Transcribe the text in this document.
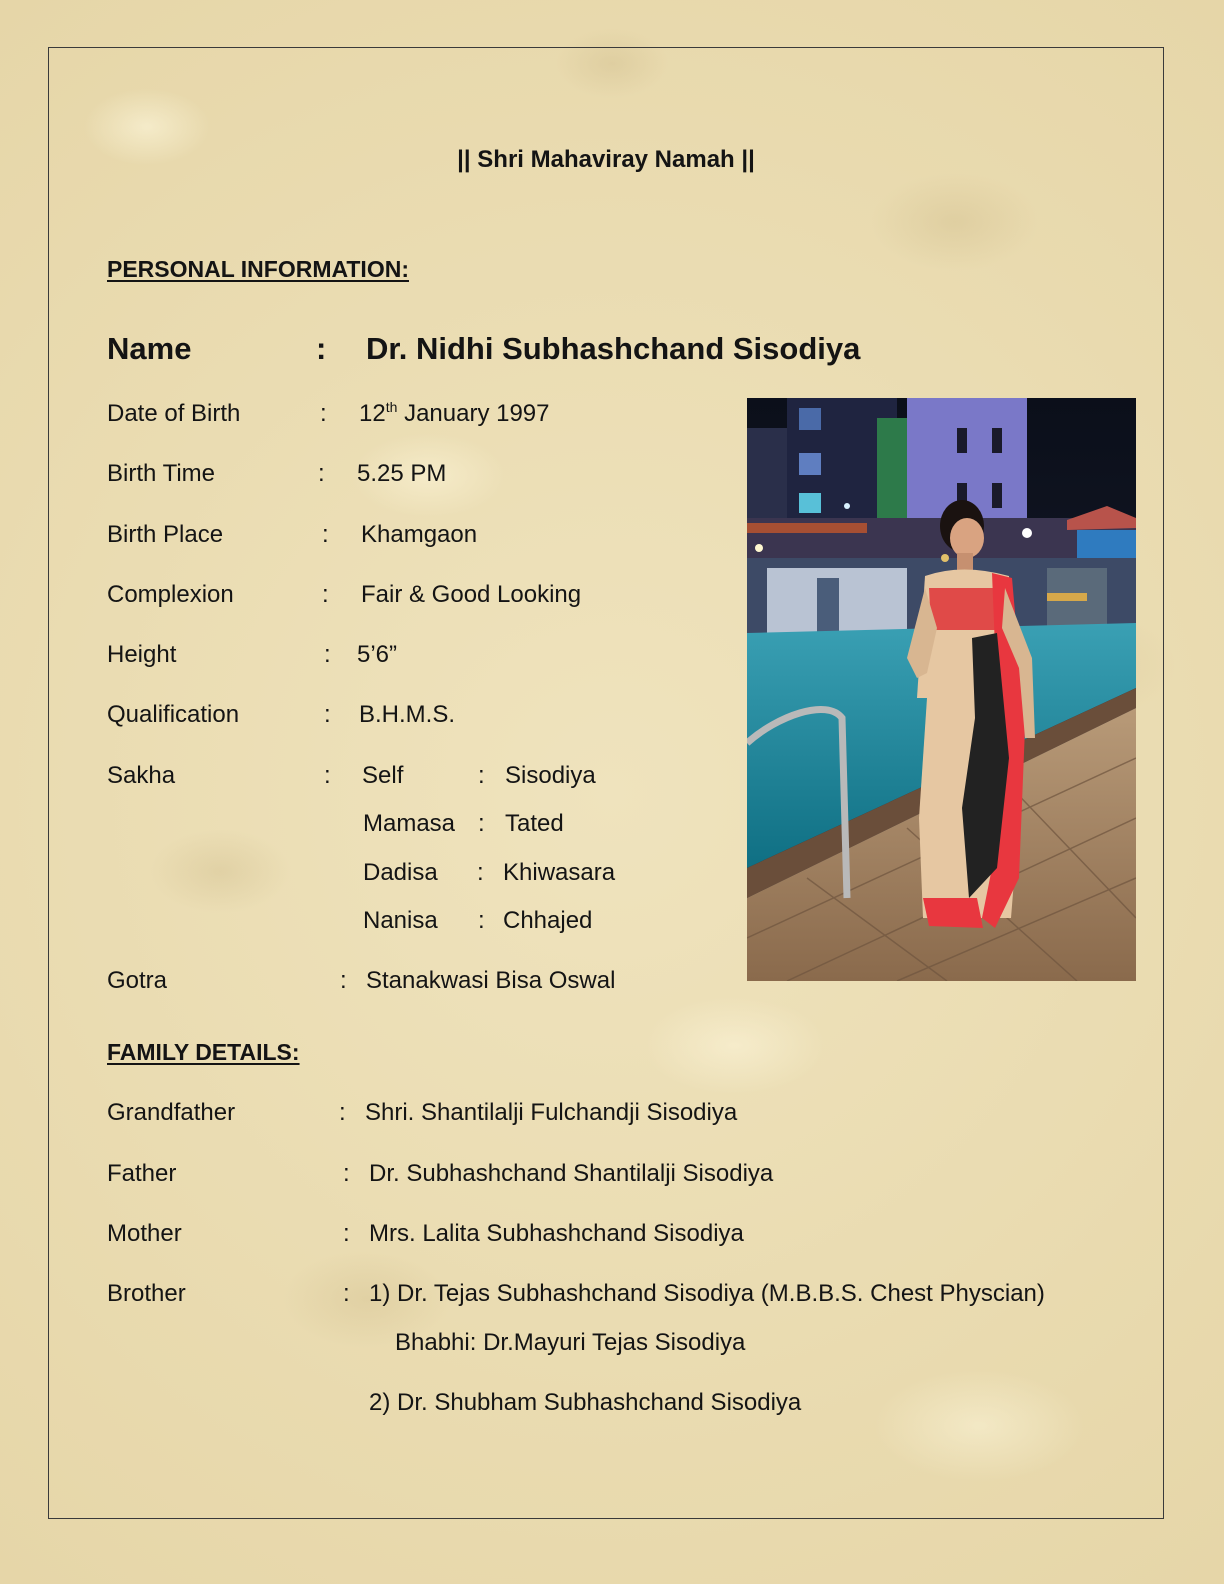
|| Shri Mahaviray Namah ||
PERSONAL INFORMATION:
Name	: Dr. Nidhi Subhashchand Sisodiya
Date of Birth	: 12th January 1997
Birth Time	: 5.25 PM
Birth Place	: Khamgaon
Complexion	: Fair & Good Looking
Height	: 5’6”
Qualification	: B.H.M.S.
Sakha	: Self	: Sisodiya
Mamasa : Tated
Dadisa : Khiwasara
Nanisa : Chhajed
Gotra	: Stanakwasi Bisa Oswal
FAMILY DETAILS:
Grandfather	: Shri. Shantilalji Fulchandji Sisodiya
Father	: Dr. Subhashchand Shantilalji Sisodiya
Mother	: Mrs. Lalita Subhashchand Sisodiya
Brother	: 1) Dr. Tejas Subhashchand Sisodiya (M.B.B.S. Chest Physcian)
Bhabhi: Dr.Mayuri Tejas Sisodiya
2) Dr. Shubham Subhashchand Sisodiya
